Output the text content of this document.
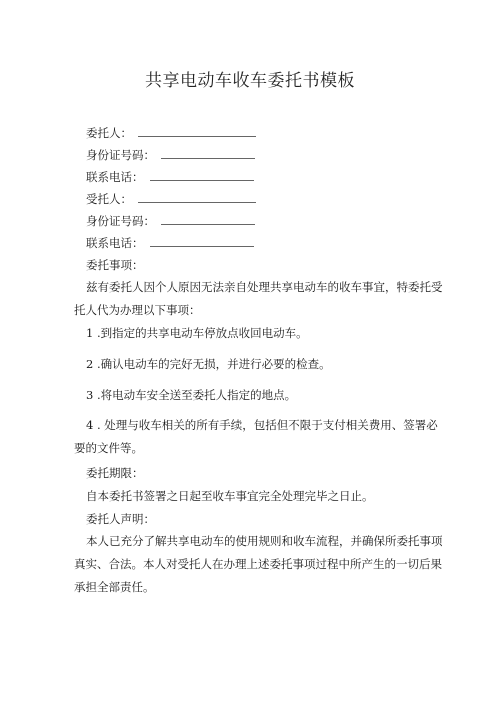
共享电动车收车委托书模板
委托人：
身份证号码：
联系电话：
受托人：
身份证号码：
联系电话：
委托事项：
兹有委托人因个人原因无法亲自处理共享电动车的收车事宜，特委托受托人代为办理以下事项：
1 .到指定的共享电动车停放点收回电动车。
2 .确认电动车的完好无损，并进行必要的检查。
3 .将电动车安全送至委托人指定的地点。
4 . 处理与收车相关的所有手续，包括但不限于支付相关费用、签署必要的文件等。
委托期限：
自本委托书签署之日起至收车事宜完全处理完毕之日止。
委托人声明：
本人已充分了解共享电动车的使用规则和收车流程，并确保所委托事项真实、合法。本人对受托人在办理上述委托事项过程中所产生的一切后果承担全部责任。
